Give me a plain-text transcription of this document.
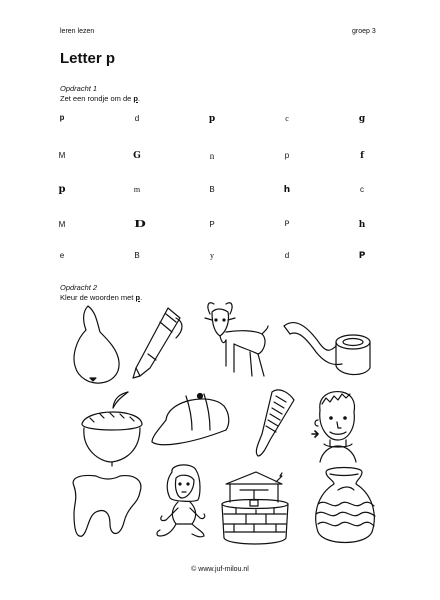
leren lezen	groep 3
Letter p
Opdracht 1
Zet een rondje om de p.
p	d	p	c	g
M	G	n	p	f
p	m	B	h	c
M	D	P	P	h
e	B	y	d	P
Opdracht 2
Kleur de woorden met p.
© www.juf-milou.nl
